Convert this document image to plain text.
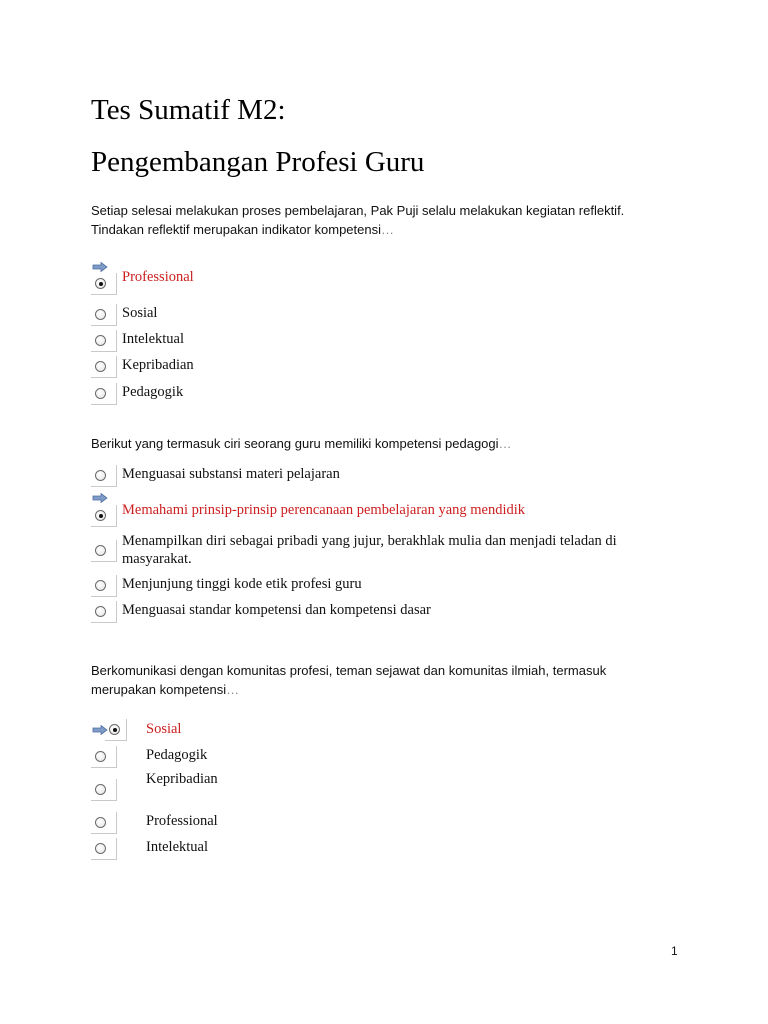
Tes Sumatif M2:
Pengembangan Profesi Guru
Setiap selesai melakukan proses pembelajaran, Pak Puji selalu melakukan kegiatan reflektif.
Tindakan reflektif merupakan indikator kompetensi…
Professional
Sosial
Intelektual
Kepribadian
Pedagogik
Berikut yang termasuk ciri seorang guru memiliki kompetensi pedagogi…
Menguasai substansi materi pelajaran
Memahami prinsip-prinsip perencanaan pembelajaran yang mendidik
Menampilkan diri sebagai pribadi yang jujur, berakhlak mulia dan menjadi teladan di masyarakat.
Menjunjung tinggi kode etik profesi guru
Menguasai standar kompetensi dan kompetensi dasar
Berkomunikasi dengan komunitas profesi, teman sejawat dan komunitas ilmiah, termasuk
merupakan kompetensi…
Sosial
Pedagogik
Kepribadian
Professional
Intelektual
1
